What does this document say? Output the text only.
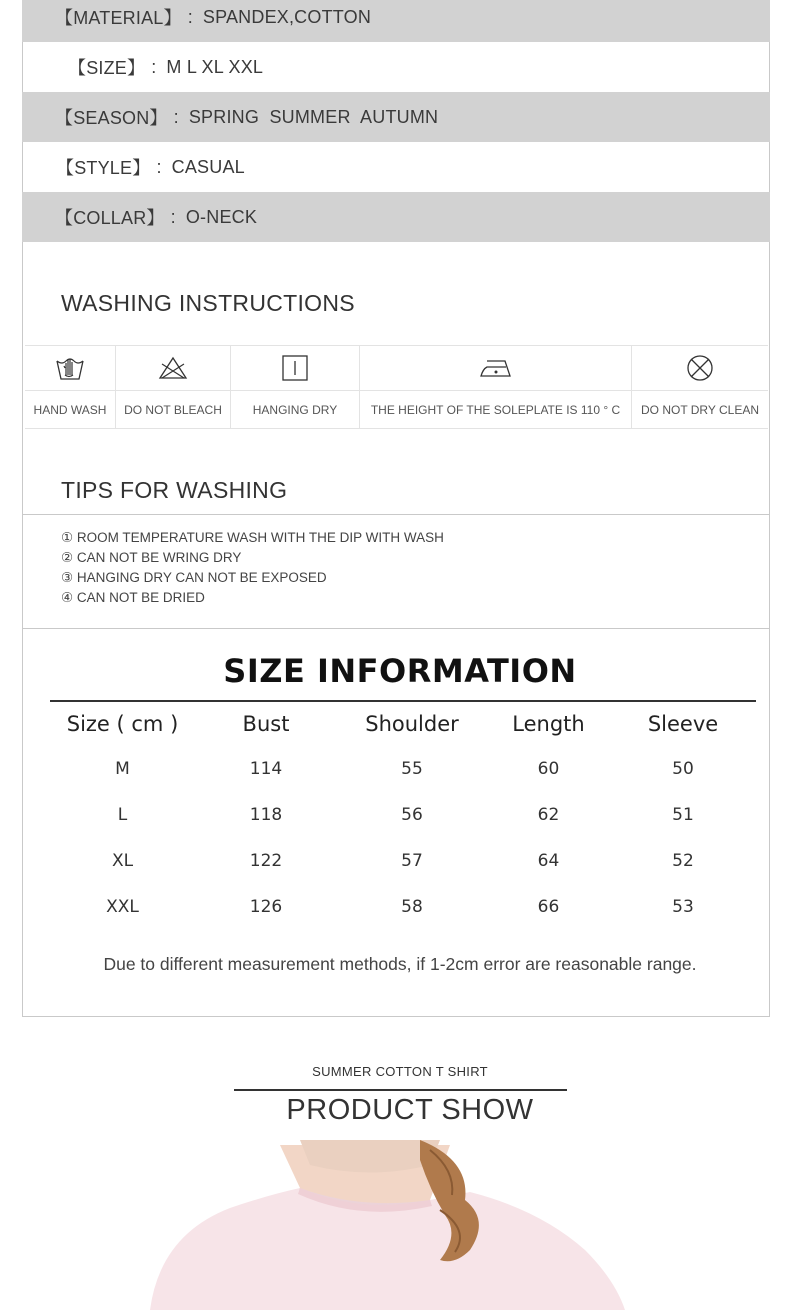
【MATERIAL】 : SPANDEX,COTTON
【SIZE】 : M L XL XXL
【SEASON】 : SPRING  SUMMER  AUTUMN
【STYLE】 : CASUAL
【COLLAR】 : O-NECK
WASHING INSTRUCTIONS
HAND WASH	DO NOT BLEACH	HANGING DRY	THE HEIGHT OF THE SOLEPLATE IS 110 ° C	DO NOT DRY CLEAN
TIPS FOR WASHING
① ROOM TEMPERATURE WASH WITH THE DIP WITH WASH
② CAN NOT BE WRING DRY
③ HANGING DRY CAN NOT BE EXPOSED
④ CAN NOT BE DRIED
SIZE INFORMATION
Size ( cm )	Bust	Shoulder	Length	Sleeve
M	114	55	60	50
L	118	56	62	51
XL	122	57	64	52
XXL	126	58	66	53
Due to different measurement methods, if 1-2cm error are reasonable range.
SUMMER COTTON T SHIRT
PRODUCT SHOW
